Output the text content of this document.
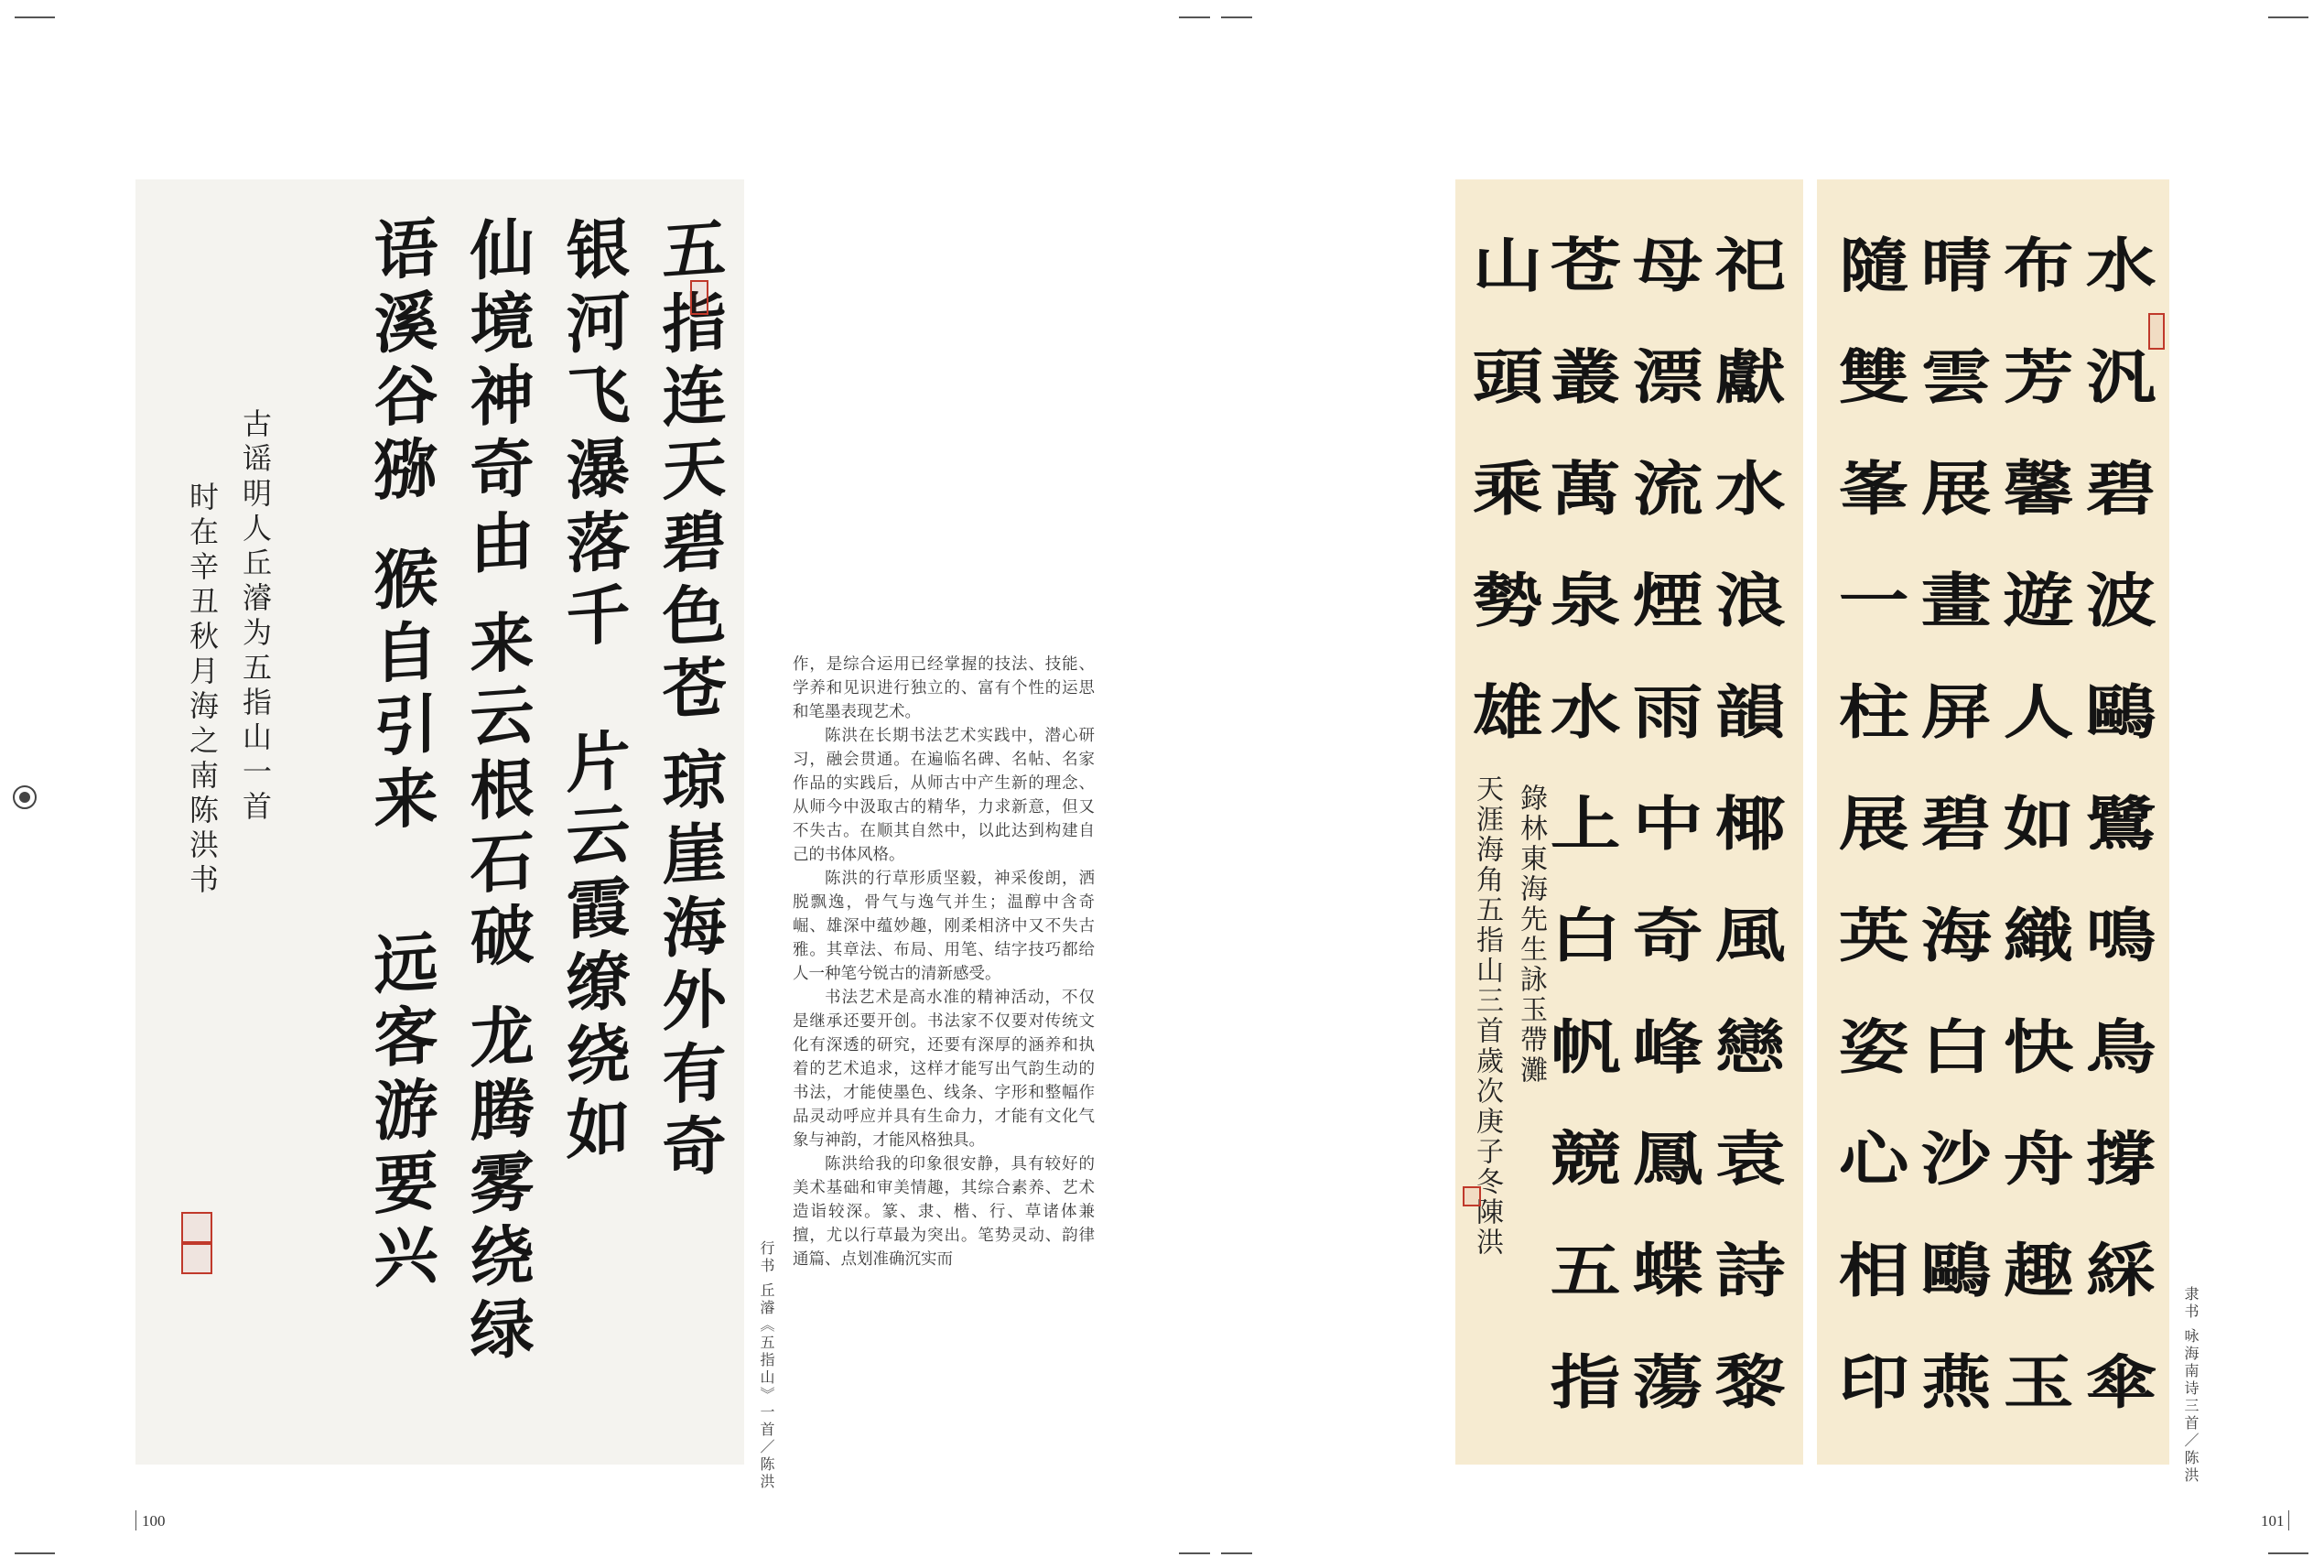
五指连天碧色苍
琼崖海外有奇
银河飞瀑落千
片云霞缭绕如
仙境神奇由
来云根石破
龙腾雾绕绿
语溪谷猕
猴自引来
远客游要兴
古谣明人丘濬为五指山一首
时在辛丑秋月海之南陈洪书	作，是综合运用已经掌握的技法、技能、学养和见识进行独立的、富有个性的运思和笔墨表现艺术。

陈洪在长期书法艺术实践中，潜心研习，融会贯通。在遍临名碑、名帖、名家作品的实践后，从师古中产生新的理念、从师今中汲取古的精华，力求新意，但又不失古。在顺其自然中，以此达到构建自己的书体风格。

陈洪的行草形质坚毅，神采俊朗，洒脱飘逸，骨气与逸气并生；温醇中含奇崛、雄深中蕴妙趣，刚柔相济中又不失古雅。其章法、布局、用笔、结字技巧都给人一种笔兮锐古的清新感受。

书法艺术是高水准的精神活动，不仅是继承还要开创。书法家不仅要对传统文化有深透的研究，还要有深厚的涵养和执着的艺术追求，这样才能写出气韵生动的书法，才能使墨色、线条、字形和整幅作品灵动呼应并具有生命力，才能有文化气象与神韵，才能风格独具。

陈洪给我的印象很安静，具有较好的美术基础和审美情趣，其综合素养、艺术造诣较深。篆、隶、楷、行、草诸体兼擅，尤以行草最为突出。笔势灵动、韵律通篇、点划准确沉实而

行书 丘濬《五指山》一首／陈洪	祀獻水浪韻椰風戀袁詩黎
母漂流煙雨中奇峰鳳蝶蕩
苍叢萬泉水上白帆競五指
山頭乘勢雄
錄林東海先生詠玉帶灘
天涯海角五指山三首歲次庚子冬陳洪	水汎碧波鷗鷺鳴鳥撐綵傘
布芳馨遊人如織快舟趣玉
晴雲展畫屏碧海白沙鷗燕
隨雙峯一柱展英姿心相印	隶书 咏海南诗三首／陈洪
100	101
